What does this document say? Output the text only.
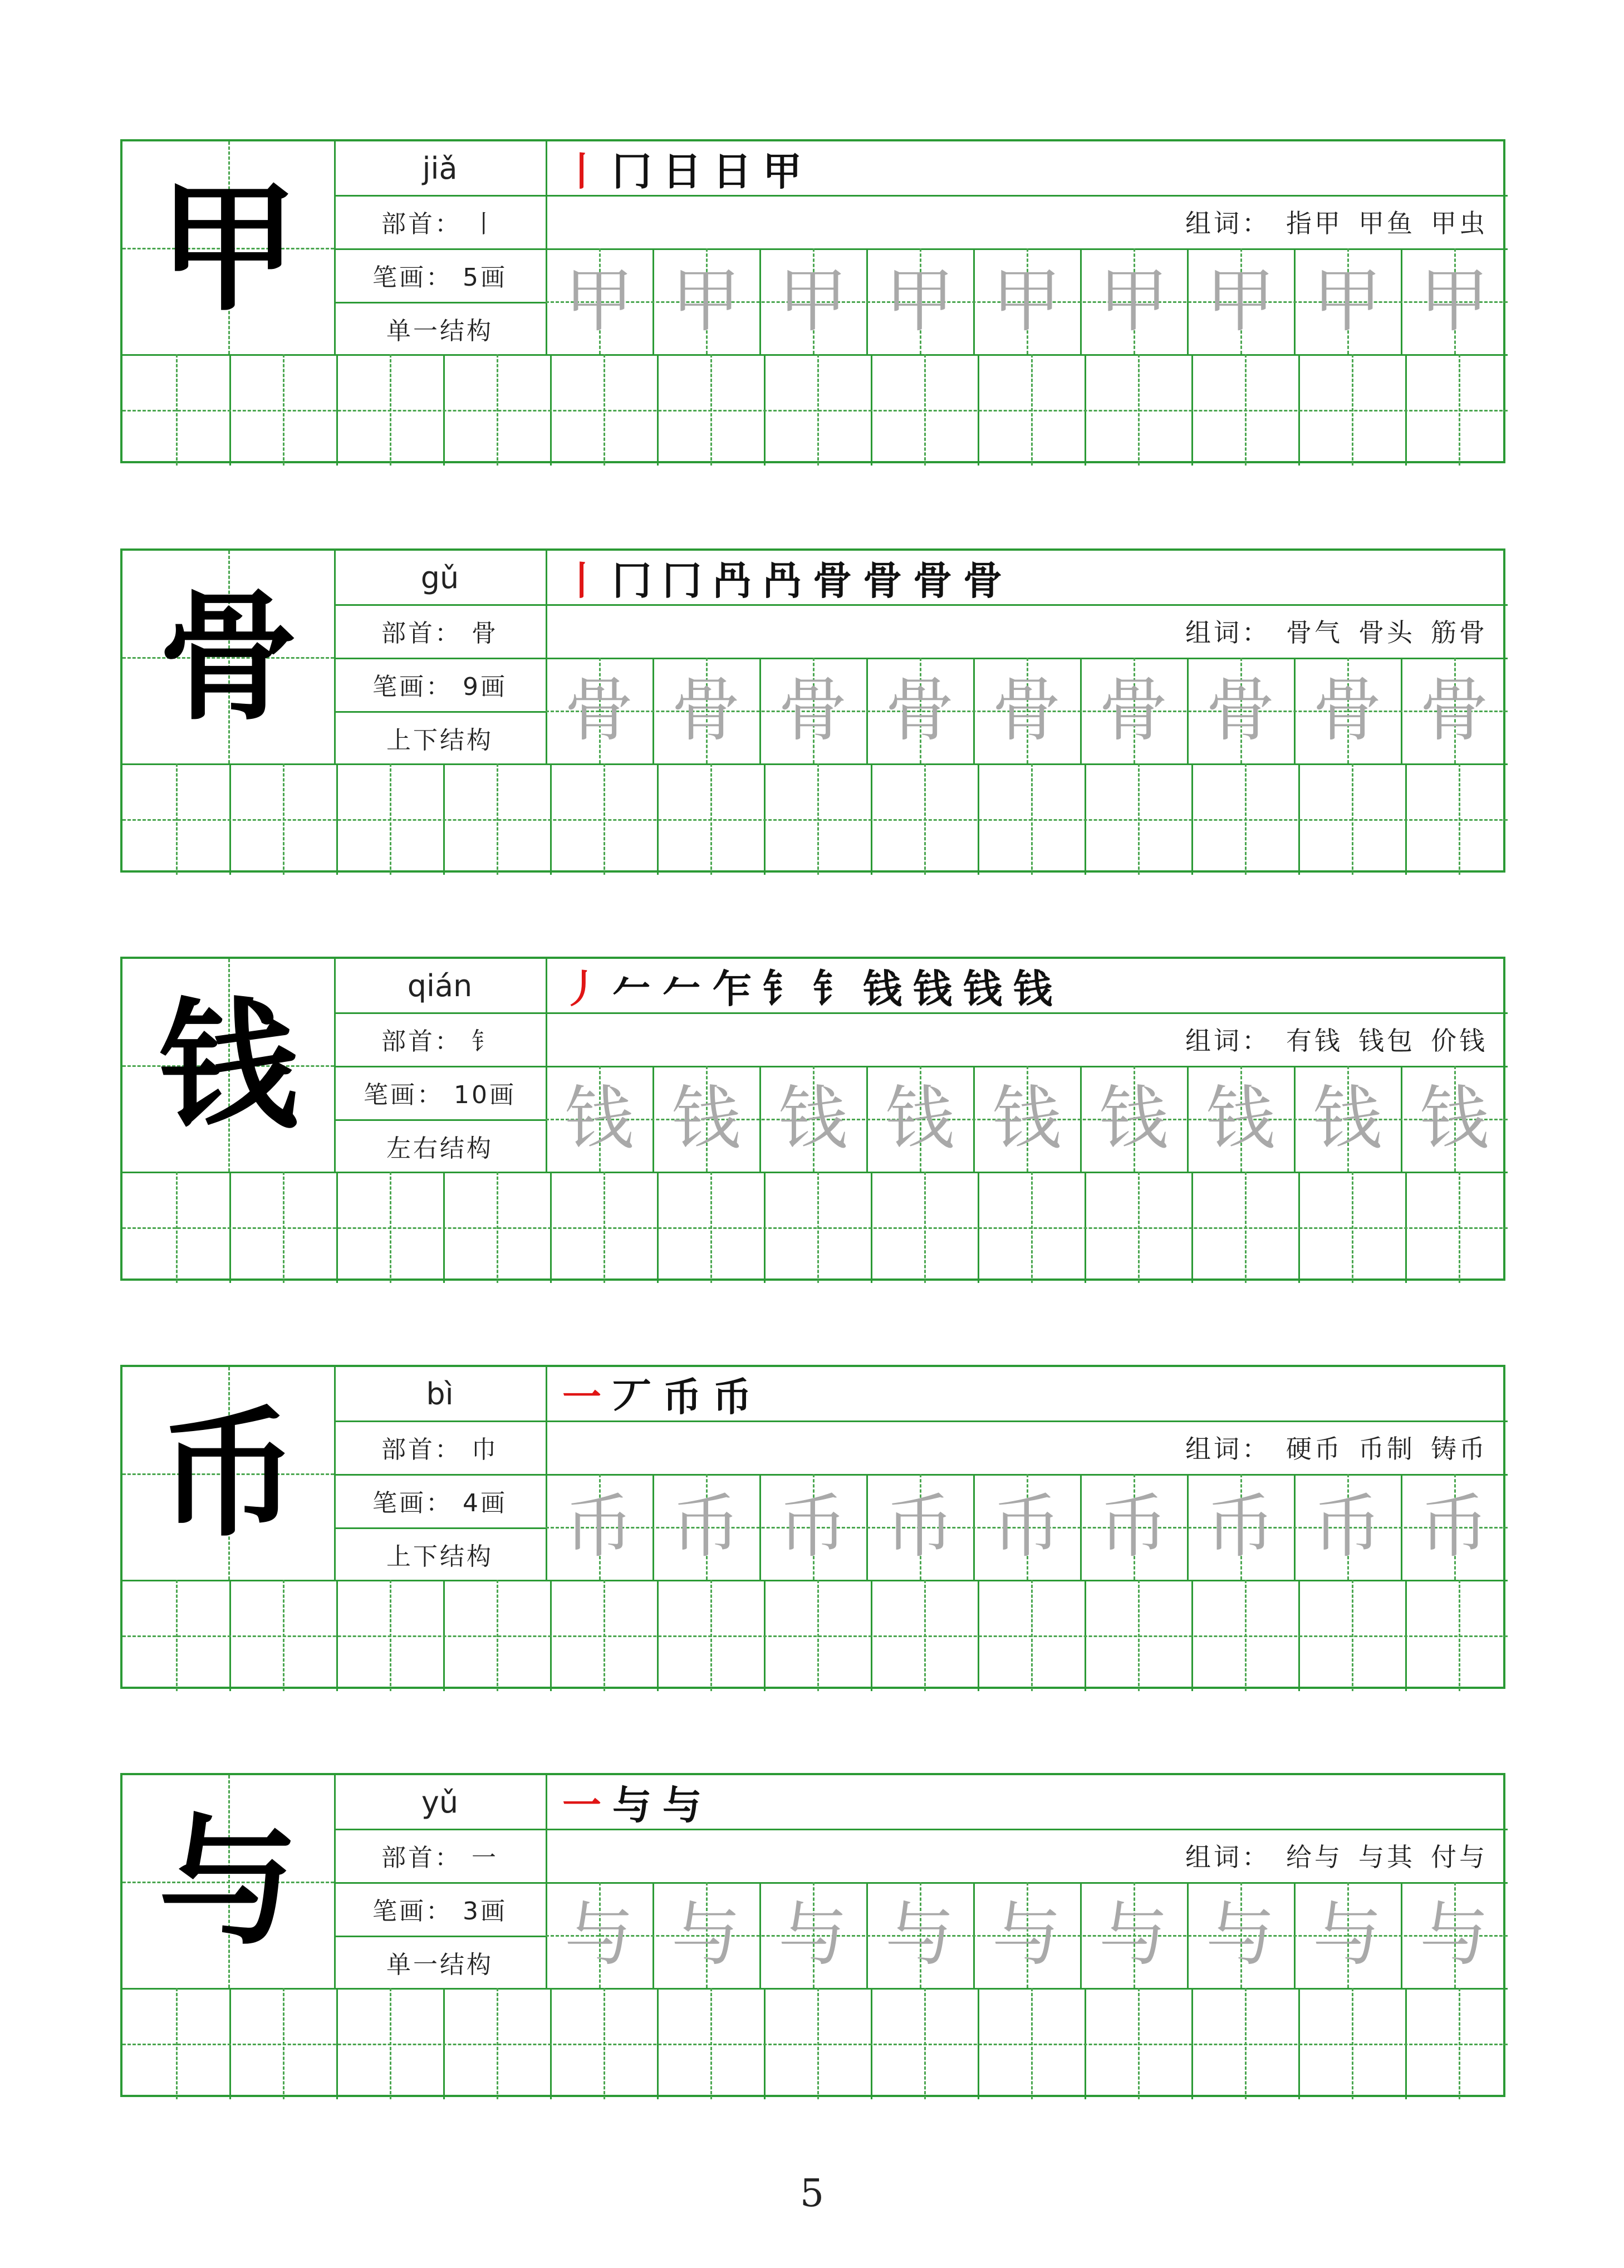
甲	jiǎ
部首： 丨
笔画： 5画
单一结构
丨 冂 日 日 甲
组词： 指甲 甲鱼 甲虫
甲 甲 甲 甲 甲 甲 甲 甲 甲
骨	gǔ
部首： 骨
笔画： 9画
上下结构
丨 冂 冂 冎 冎 骨 骨 骨 骨
组词： 骨气 骨头 筋骨
骨 骨 骨 骨 骨 骨 骨 骨 骨
钱	qián
部首： 钅
笔画： 10画
左右结构
丿 𠂉 𠂉 乍 钅 钅 钱 钱 钱 钱
组词： 有钱 钱包 价钱
钱 钱 钱 钱 钱 钱 钱 钱 钱
币	bì
部首： 巾
笔画： 4画
上下结构
一 丆 币 币
组词： 硬币 币制 铸币
币 币 币 币 币 币 币 币 币
与	yǔ
部首： 一
笔画： 3画
单一结构
一 与 与
组词： 给与 与其 付与
与 与 与 与 与 与 与 与 与
5
